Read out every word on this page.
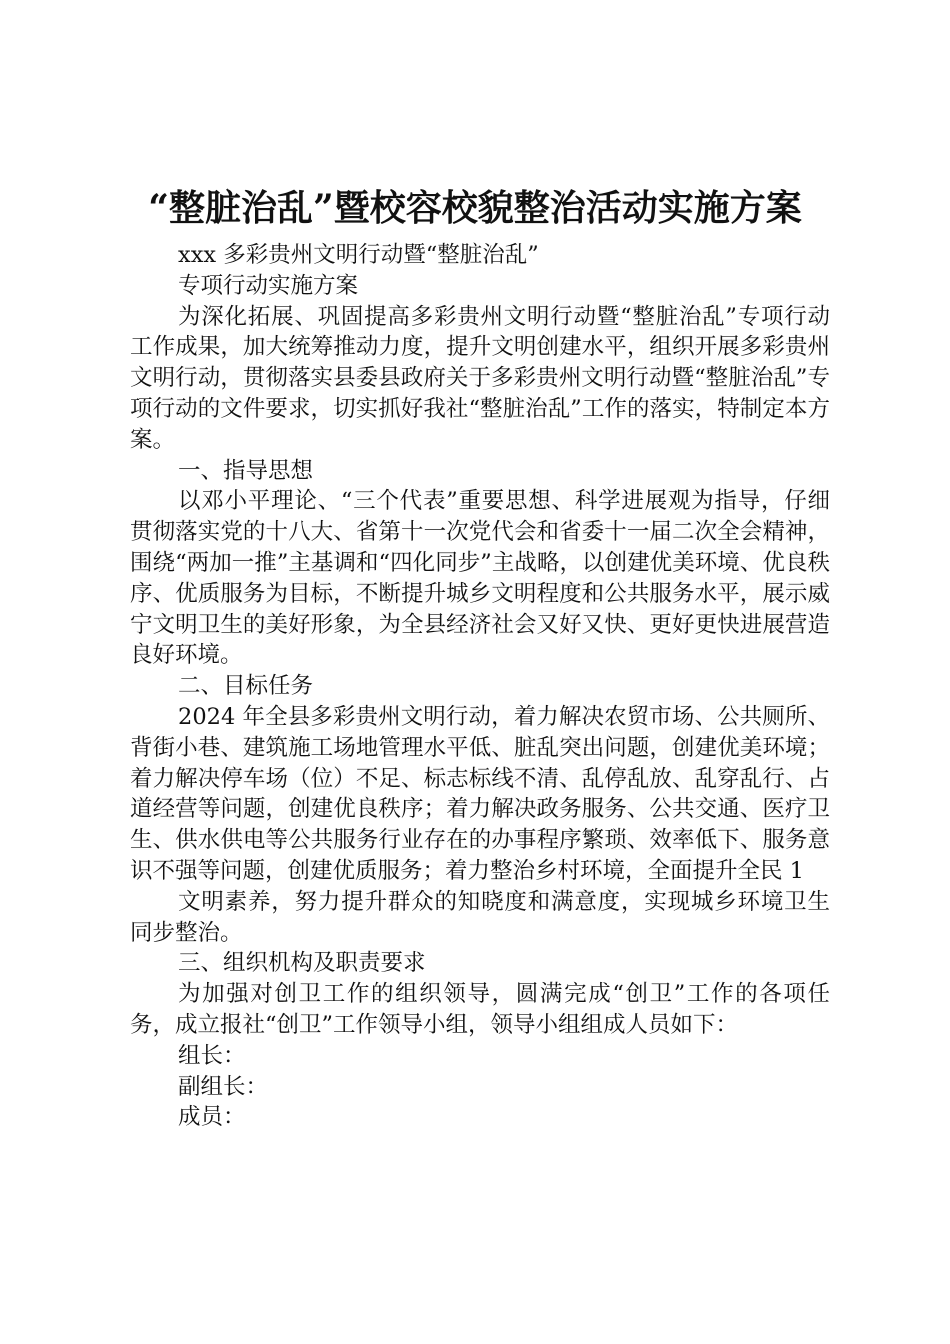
“整脏治乱”暨校容校貌整治活动实施方案
xxx 多彩贵州文明行动暨“整脏治乱”
专项行动实施方案
为深化拓展、巩固提高多彩贵州文明行动暨“整脏治乱”专项行动工作成果，加大统筹推动力度，提升文明创建水平，组织开展多彩贵州文明行动，贯彻落实县委县政府关于多彩贵州文明行动暨“整脏治乱”专项行动的文件要求，切实抓好我社“整脏治乱”工作的落实，特制定本方案。
一、指导思想
以邓小平理论、“三个代表”重要思想、科学进展观为指导，仔细贯彻落实党的十八大、省第十一次党代会和省委十一届二次全会精神，围绕“两加一推”主基调和“四化同步”主战略，以创建优美环境、优良秩序、优质服务为目标，不断提升城乡文明程度和公共服务水平，展示威宁文明卫生的美好形象，为全县经济社会又好又快、更好更快进展营造良好环境。
二、目标任务
2024 年全县多彩贵州文明行动，着力解决农贸市场、公共厕所、背街小巷、建筑施工场地管理水平低、脏乱突出问题，创建优美环境；着力解决停车场（位）不足、标志标线不清、乱停乱放、乱穿乱行、占道经营等问题，创建优良秩序；着力解决政务服务、公共交通、医疗卫生、供水供电等公共服务行业存在的办事程序繁琐、效率低下、服务意识不强等问题，创建优质服务；着力整治乡村环境，全面提升全民 1
文明素养，努力提升群众的知晓度和满意度，实现城乡环境卫生同步整治。
三、组织机构及职责要求
为加强对创卫工作的组织领导，圆满完成“创卫”工作的各项任务，成立报社“创卫”工作领导小组，领导小组组成人员如下：
组长：
副组长：
成员：
